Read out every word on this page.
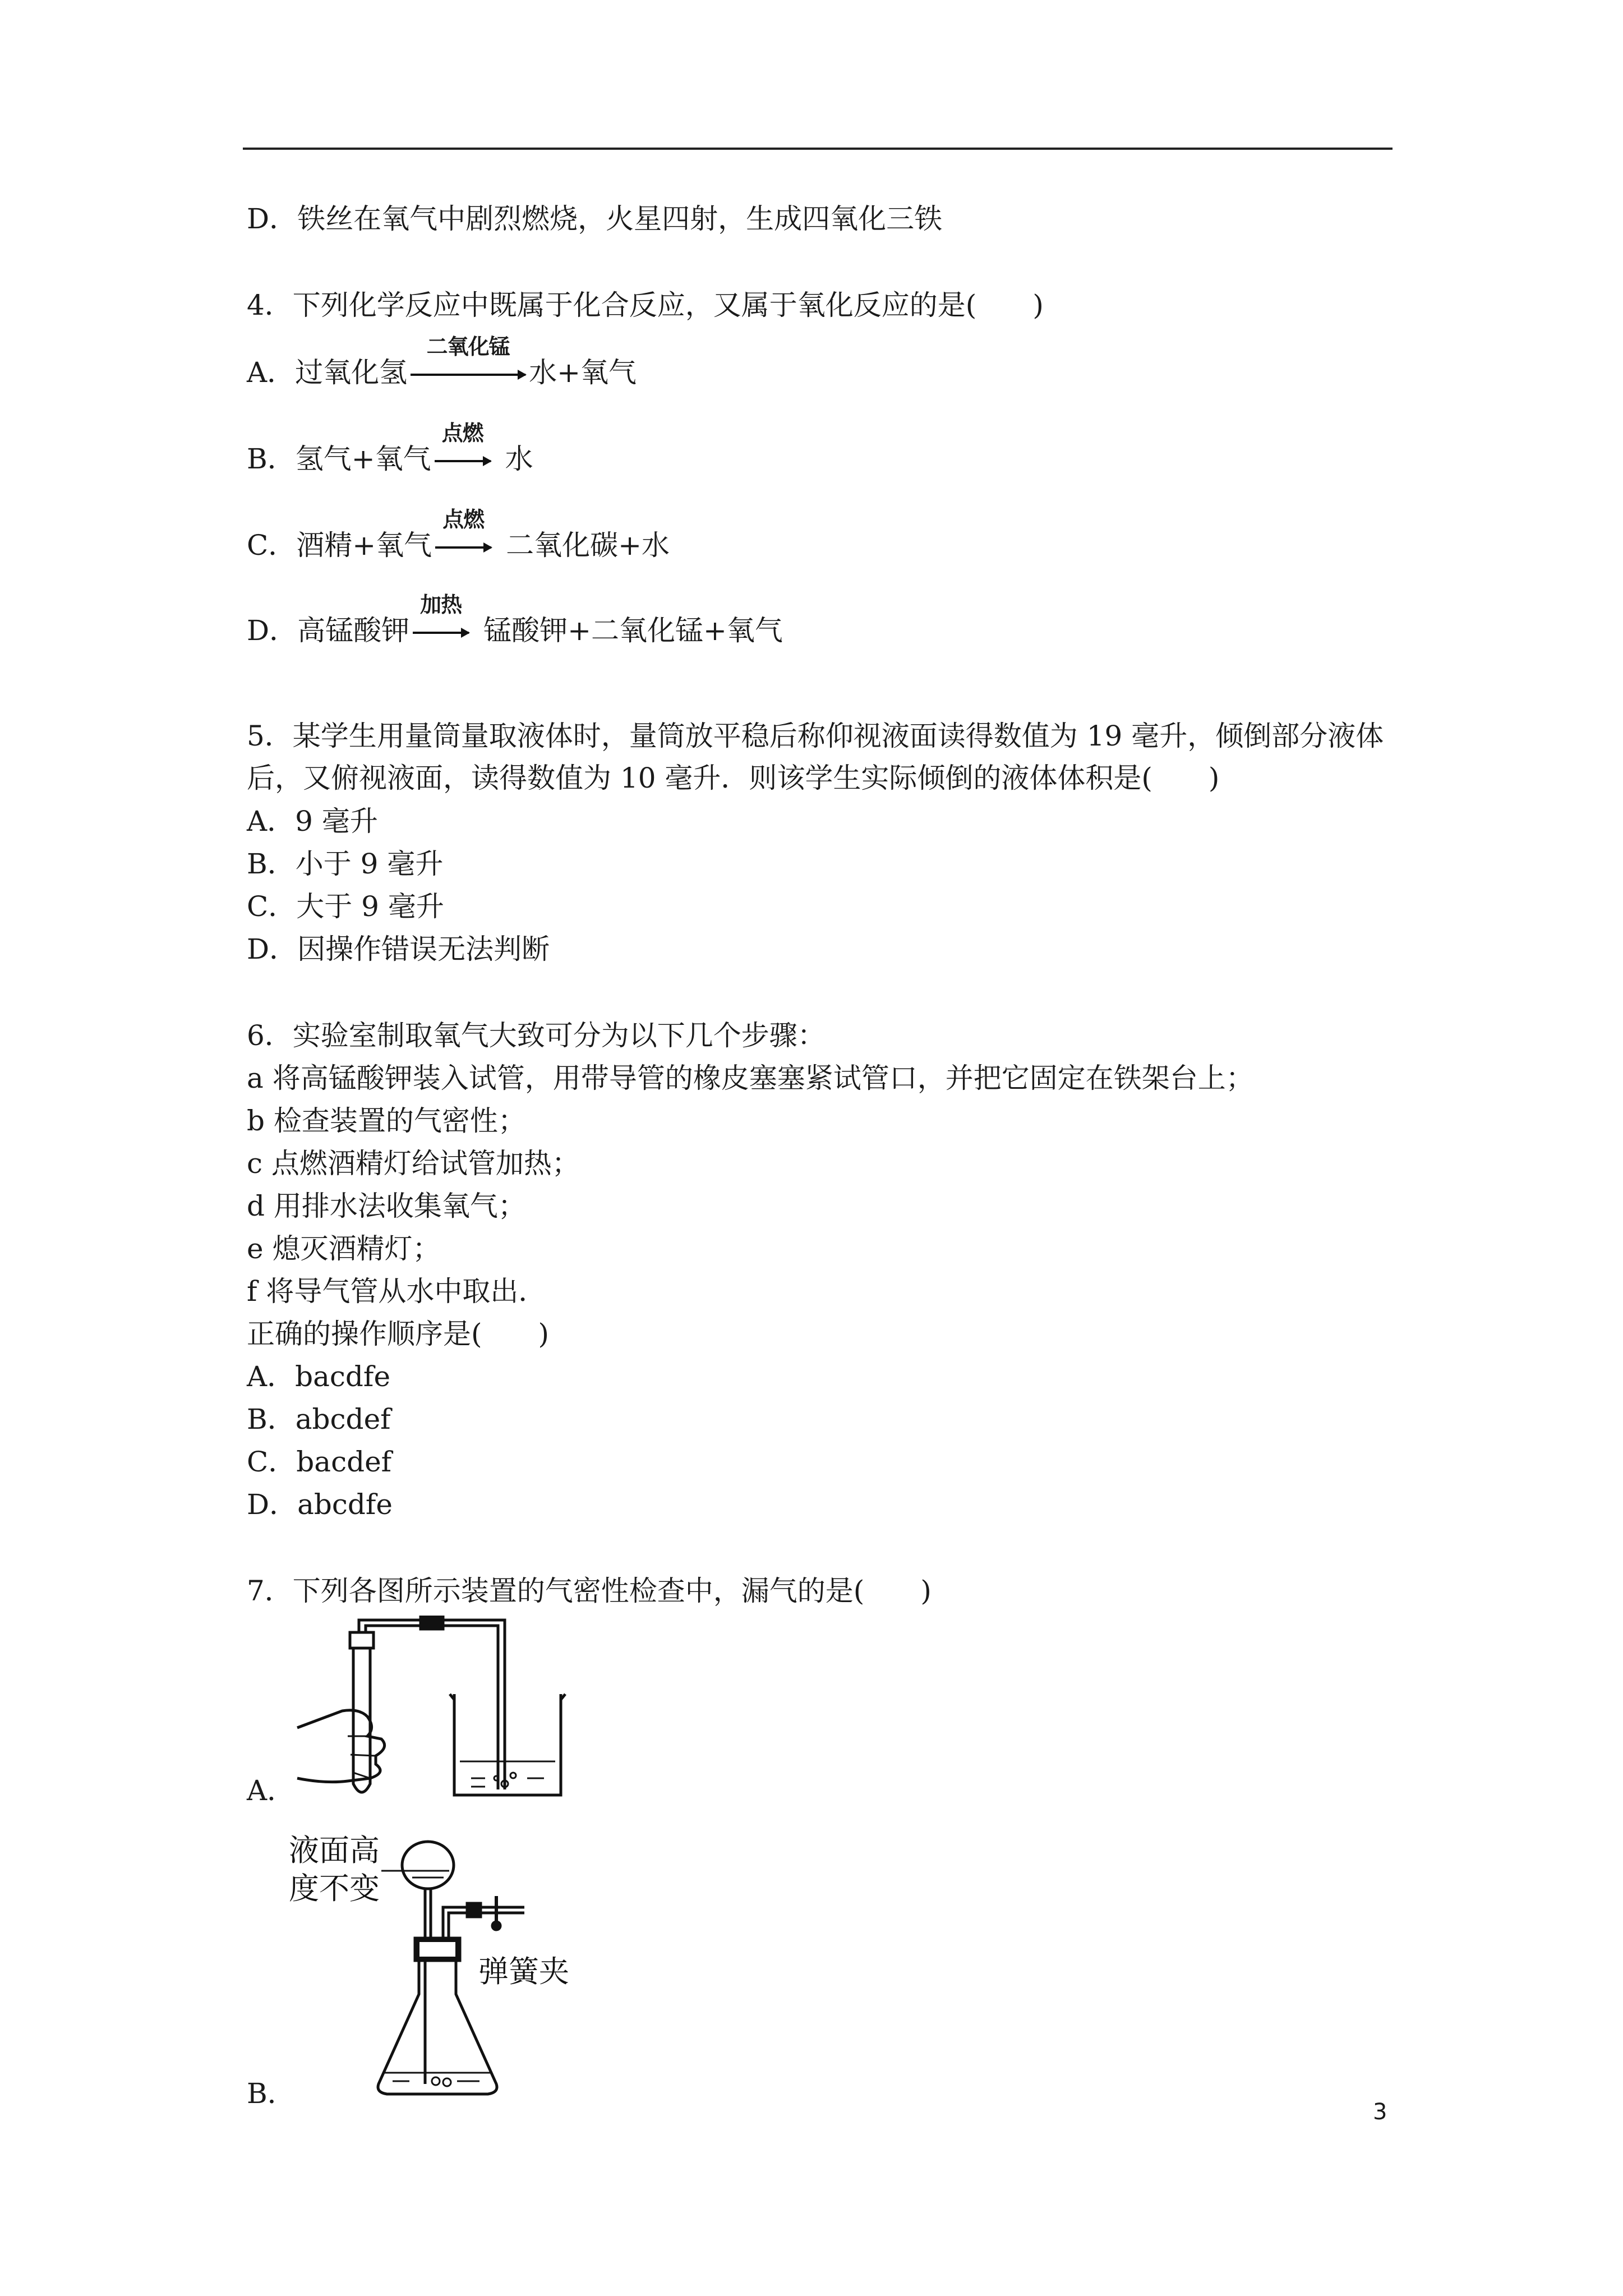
D．铁丝在氧气中剧烈燃烧，火星四射，生成四氧化三铁
4．下列化学反应中既属于化合反应，又属于氧化反应的是(　　)
A．过氧化氢
二氧化锰
水+氧气
B．氢气+氧气
点燃
水
C．酒精+氧气
点燃
二氧化碳+水
D．高锰酸钾
加热
锰酸钾+二氧化锰+氧气
5．某学生用量筒量取液体时，量筒放平稳后称仰视液面读得数值为 19 毫升，倾倒部分液体
后，又俯视液面，读得数值为 10 毫升．则该学生实际倾倒的液体体积是(　　)
A．9 毫升
B．小于 9 毫升
C．大于 9 毫升
D．因操作错误无法判断
6．实验室制取氧气大致可分为以下几个步骤：
a 将高锰酸钾装入试管，用带导管的橡皮塞塞紧试管口，并把它固定在铁架台上；
b 检查装置的气密性；
c 点燃酒精灯给试管加热；
d 用排水法收集氧气；
e 熄灭酒精灯；
f 将导气管从水中取出．
正确的操作顺序是(　　)
A．bacdfe
B．abcdef
C．bacdef
D．abcdfe
7．下列各图所示装置的气密性检查中，漏气的是(　　)
A．
液面高
度不变
弹簧夹
B．
3
